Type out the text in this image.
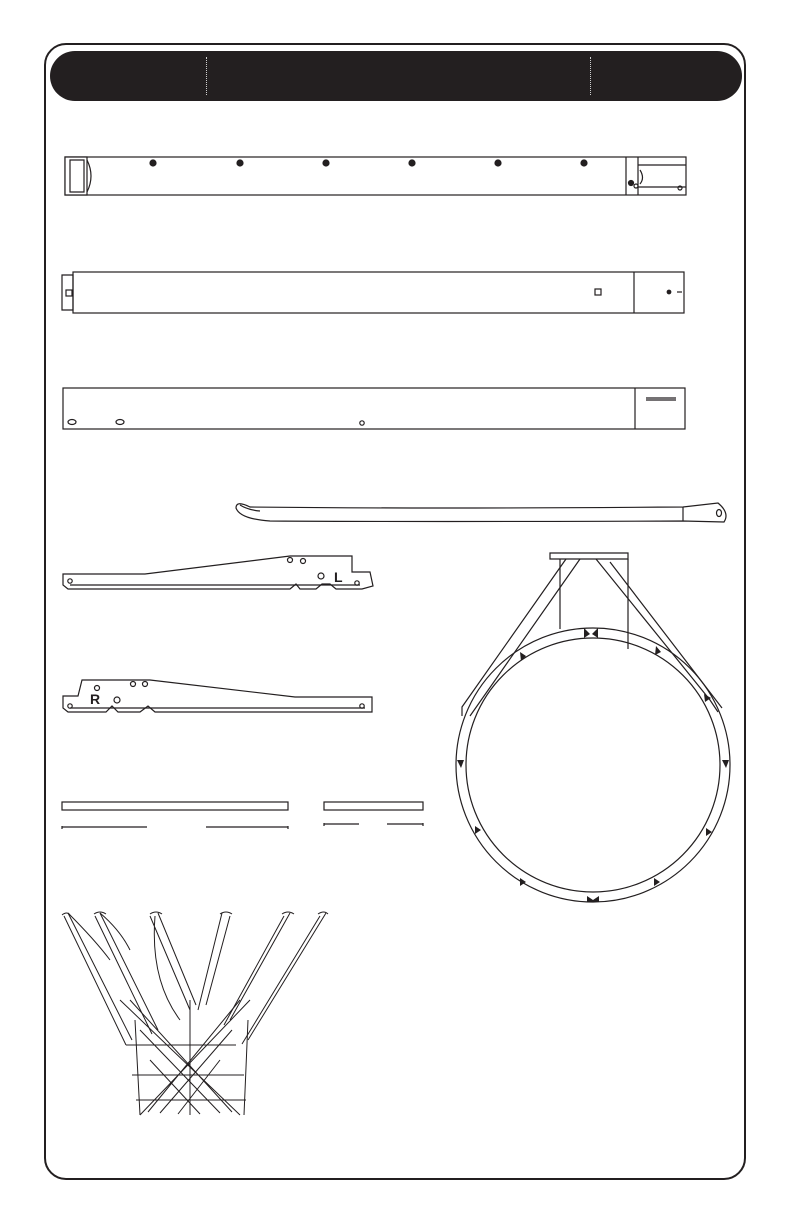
L
R
